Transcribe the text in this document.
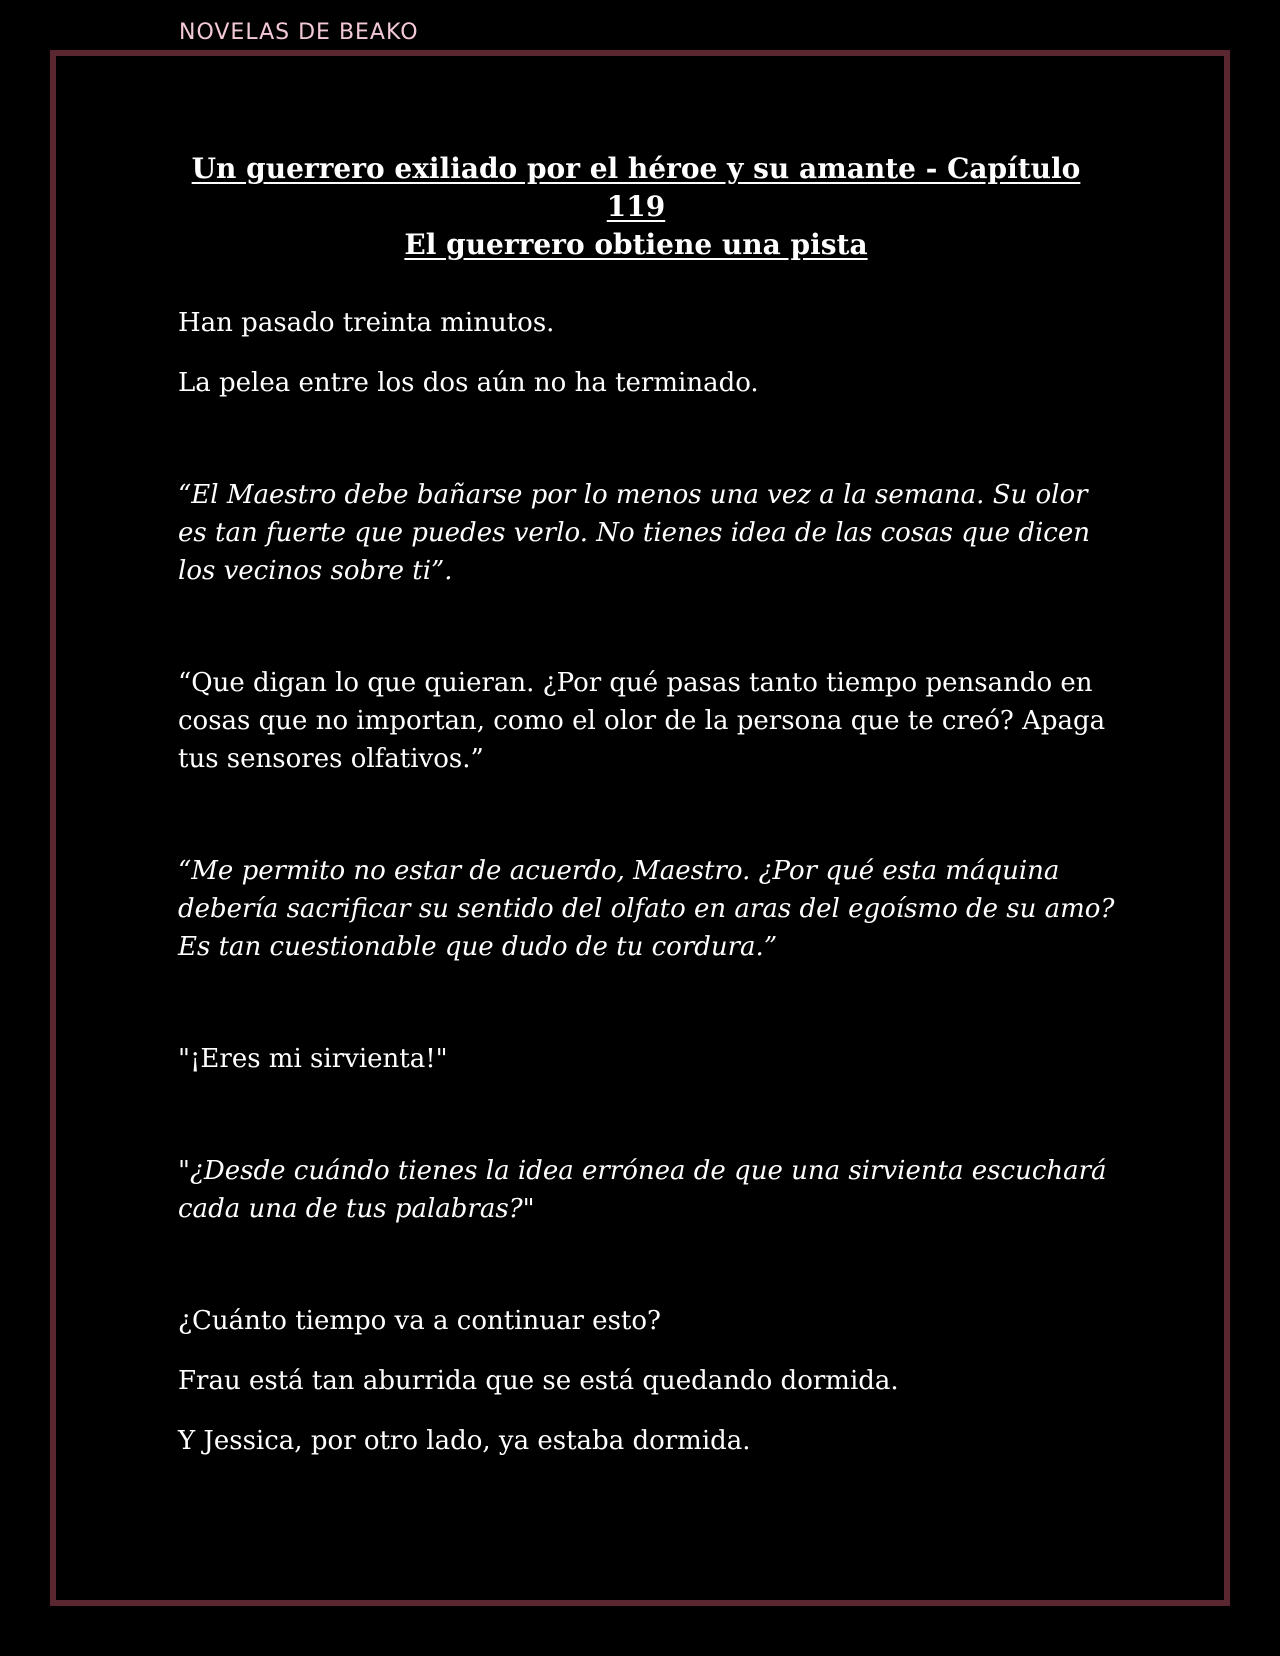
NOVELAS DE BEAKO
Un guerrero exiliado por el héroe y su amante - Capítulo 119
El guerrero obtiene una pista

Han pasado treinta minutos.

La pelea entre los dos aún no ha terminado.

“El Maestro debe bañarse por lo menos una vez a la semana. Su olor es tan fuerte que puedes verlo. No tienes idea de las cosas que dicen los vecinos sobre ti”.

“Que digan lo que quieran. ¿Por qué pasas tanto tiempo pensando en cosas que no importan, como el olor de la persona que te creó? Apaga tus sensores olfativos.”

“Me permito no estar de acuerdo, Maestro. ¿Por qué esta máquina debería sacrificar su sentido del olfato en aras del egoísmo de su amo? Es tan cuestionable que dudo de tu cordura.”

"¡Eres mi sirvienta!"

"¿Desde cuándo tienes la idea errónea de que una sirvienta escuchará cada una de tus palabras?"

¿Cuánto tiempo va a continuar esto?

Frau está tan aburrida que se está quedando dormida.

Y Jessica, por otro lado, ya estaba dormida.
